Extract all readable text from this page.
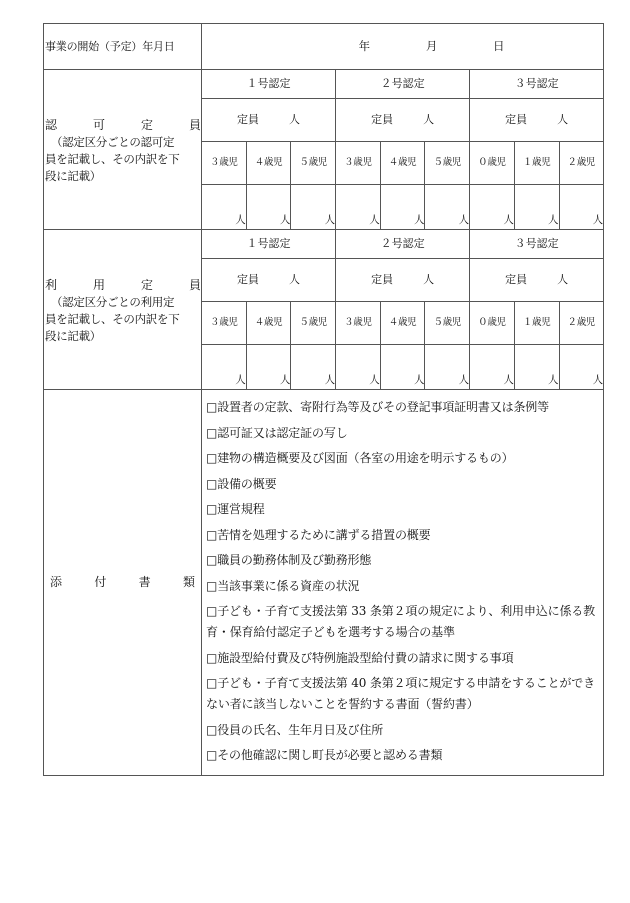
事業の開始（予定）年月日	年 月 日								

認	可	定	員
（認定区分ごとの認可定
員を記載し、その内訳を下
段に記載）
	１号認定	２号認定	３号認定
	定員 人			定員 人			定員 人		
	３歳児	４歳児	５歳児	３歳児	４歳児	５歳児	０歳児	１歳児	２歳児
	人	人	人	人	人	人	人	人	人

利	用	定	員
（認定区分ごとの利用定
員を記載し、その内訳を下
段に記載）
	１号認定	２号認定	３号認定
	定員 人			定員 人			定員 人		
	３歳児	４歳児	５歳児	３歳児	４歳児	５歳児	０歳児	１歳児	２歳児
	人	人	人	人	人	人	人	人	人

添	付	書	類

□設置者の定款、寄附行為等及びその登記事項証明書又は条例等
□認可証又は認定証の写し
□建物の構造概要及び図面（各室の用途を明示するもの）
□設備の概要
□運営規程
□苦情を処理するために講ずる措置の概要
□職員の勤務体制及び勤務形態
□当該事業に係る資産の状況
□子ども・子育て支援法第 33 条第２項の規定により、利用申込に係る教育・保育給付認定子どもを選考する場合の基準
□施設型給付費及び特例施設型給付費の請求に関する事項
□子ども・子育て支援法第 40 条第２項に規定する申請をすることができない者に該当しないことを誓約する書面（誓約書）
□役員の氏名、生年月日及び住所
□その他確認に関し町長が必要と認める書類
